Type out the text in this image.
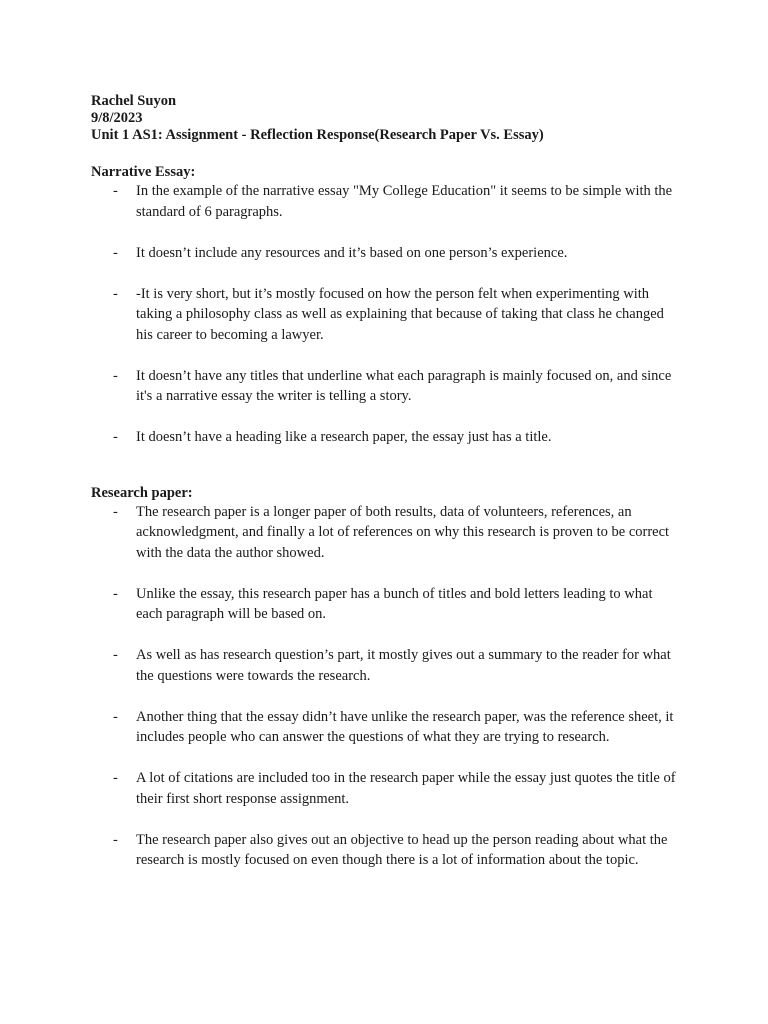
Rachel Suyon

9/8/2023

Unit 1 AS1: Assignment - Reflection Response(Research Paper Vs. Essay)

Narrative Essay:

- In the example of the narrative essay "My College Education" it seems to be simple with the standard of 6 paragraphs.
- It doesn’t include any resources and it’s based on one person’s experience.
- -It is very short, but it’s mostly focused on how the person felt when experimenting with taking a philosophy class as well as explaining that because of taking that class he changed his career to becoming a lawyer.
- It doesn’t have any titles that underline what each paragraph is mainly focused on, and since it's a narrative essay the writer is telling a story.
- It doesn’t have a heading like a research paper, the essay just has a title.

Research paper:

- The research paper is a longer paper of both results, data of volunteers, references, an acknowledgment, and finally a lot of references on why this research is proven to be correct with the data the author showed.
- Unlike the essay, this research paper has a bunch of titles and bold letters leading to what each paragraph will be based on.
- As well as has research question’s part, it mostly gives out a summary to the reader for what the questions were towards the research.
- Another thing that the essay didn’t have unlike the research paper, was the reference sheet, it includes people who can answer the questions of what they are trying to research.
- A lot of citations are included too in the research paper while the essay just quotes the title of their first short response assignment.
- The research paper also gives out an objective to head up the person reading about what the research is mostly focused on even though there is a lot of information about the topic.
